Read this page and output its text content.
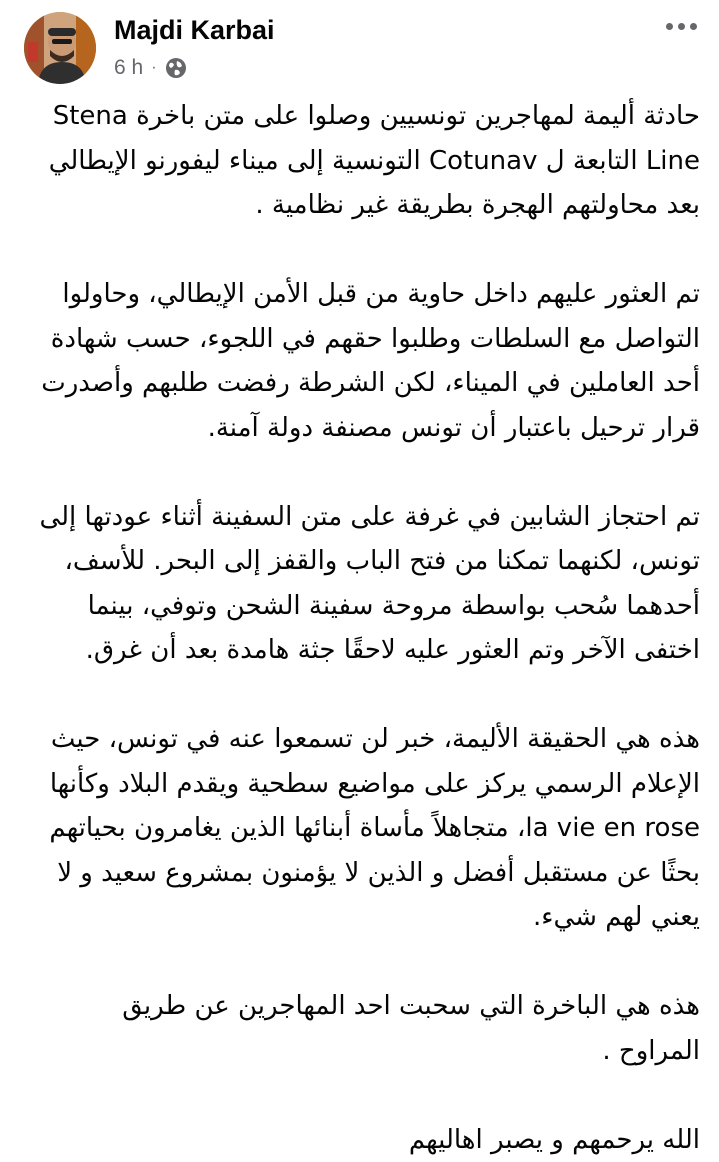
Majdi Karbai
6 h ·

حادثة أليمة لمهاجرين تونسيين وصلوا على متن باخرة Stena Line التابعة ل Cotunav التونسية إلى ميناء ليفورنو الإيطالي بعد محاولتهم الهجرة بطريقة غير نظامية .

تم العثور عليهم داخل حاوية من قبل الأمن الإيطالي، وحاولوا التواصل مع السلطات وطلبوا حقهم في اللجوء، حسب شهادة أحد العاملين في الميناء، لكن الشرطة رفضت طلبهم وأصدرت قرار ترحيل باعتبار أن تونس مصنفة دولة آمنة.

تم احتجاز الشابين في غرفة على متن السفينة أثناء عودتها إلى تونس، لكنهما تمكنا من فتح الباب والقفز إلى البحر. للأسف، أحدهما سُحب بواسطة مروحة سفينة الشحن وتوفي، بينما اختفى الآخر وتم العثور عليه لاحقًا جثة هامدة بعد أن غرق.

هذه هي الحقيقة الأليمة، خبر لن تسمعوا عنه في تونس، حيث الإعلام الرسمي يركز على مواضيع سطحية ويقدم البلاد وكأنها la vie en rose، متجاهلاً مأساة أبنائها الذين يغامرون بحياتهم بحثًا عن مستقبل أفضل و الذين لا يؤمنون بمشروع سعيد و لا يعني لهم شيء.

هذه هي الباخرة التي سحبت احد المهاجرين عن طريق المراوح .

الله يرحمهم و يصبر اهاليهم
